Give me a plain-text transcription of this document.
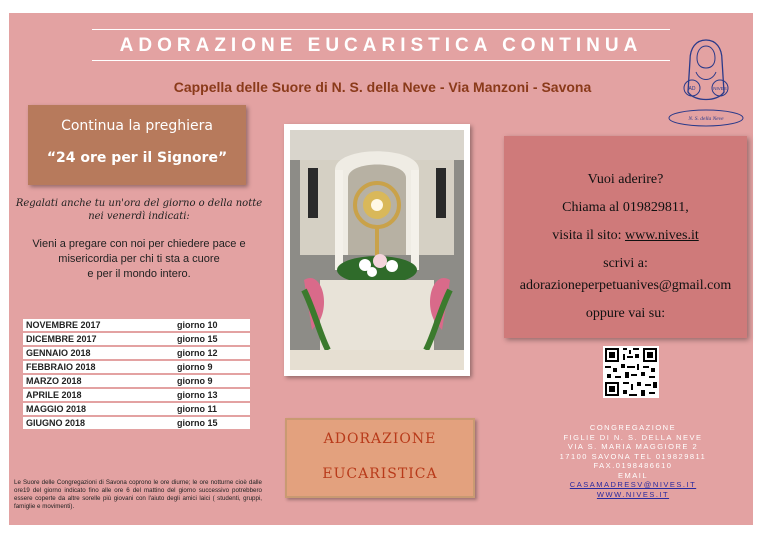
ADORAZIONE EUCARISTICA CONTINUA
Cappella delle Suore di N. S. della Neve - Via Manzoni - Savona	AD	NIVES
N. S. della Neve
Continua la preghiera
“24 ore per il Signore”
Regalati anche tu un'ora del giorno o della notte
nei venerdì indicati:
Vieni a pregare con noi per chiedere pace e
misericordia per chi ti sta a cuore
e per il mondo intero.
NOVEMBRE 2017	giorno 10
DICEMBRE 2017	giorno 15
GENNAIO 2018	giorno 12
FEBBRAIO 2018	giorno 9
MARZO 2018	giorno 9
APRILE 2018	giorno 13
MAGGIO 2018	giorno 11
GIUGNO 2018	giorno 15
Le Suore delle Congregazioni di Savona coprono le ore diurne; le ore notturne cioè dalle ore19 del giorno indicato fino alle ore 6 del mattino del giorno successivo potrebbero essere coperte da altre sorelle più giovani con l'aiuto degli amici laici ( studenti, gruppi, famiglie e movimenti).
ADORAZIONE
EUCARISTICA
Vuoi aderire?
Chiama al 019829811,
visita il sito: www.nives.it
scrivi a:
adorazioneperpetuanives@gmail.com
oppure vai su:
CONGREGAZIONE
FIGLIE DI N. S. DELLA NEVE
VIA S. MARIA MAGGIORE 2
17100 SAVONA TEL 019829811
FAX.0198486610
EMAIL
CASAMADRESV@NIVES.IT
WWW.NIVES.IT
